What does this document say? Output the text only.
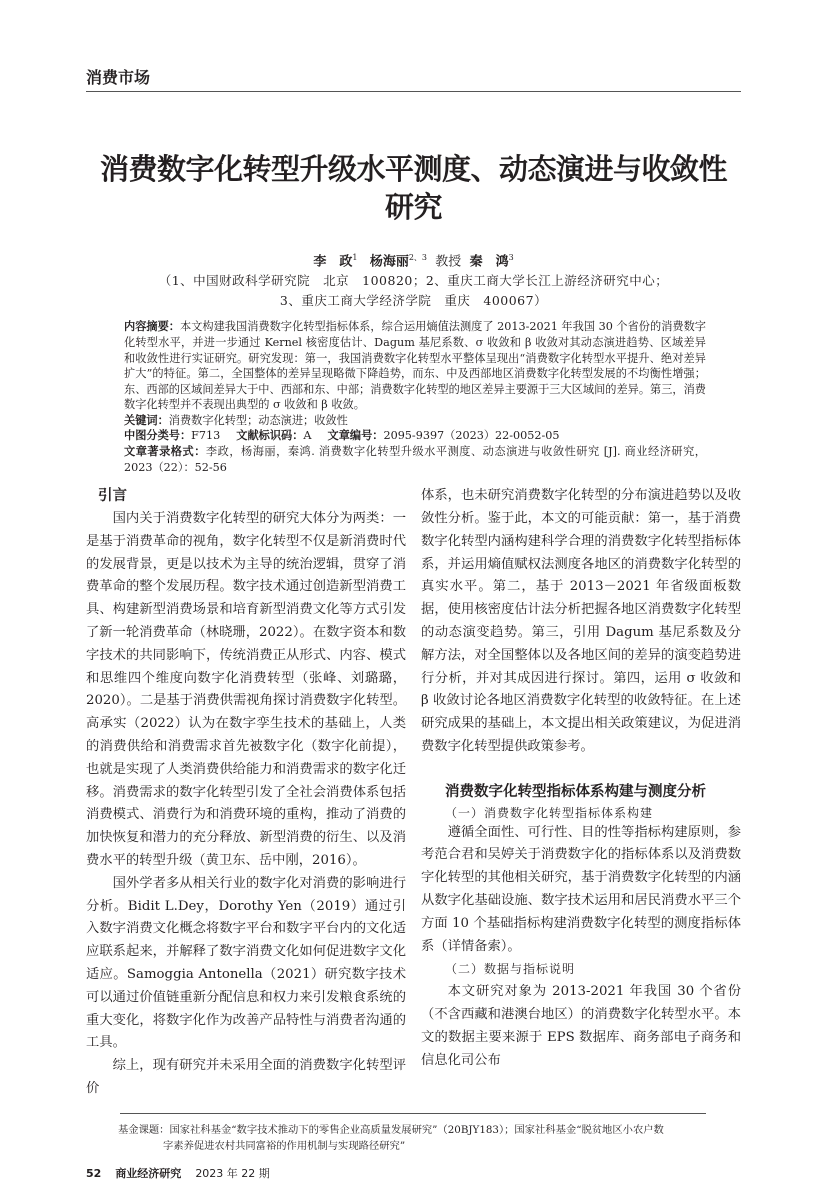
消费市场
消费数字化转型升级水平测度、动态演进与收敛性研究
李　政$^1$ 杨海丽$^{2、3}$ 教授 秦　鸿$^3$
（1、中国财政科学研究院　北京　100820；2、重庆工商大学长江上游经济研究中心；
3、重庆工商大学经济学院　重庆　400067）
内容摘要：本文构建我国消费数字化转型指标体系，综合运用熵值法测度了 2013-2021 年我国 30 个省份的消费数字化转型水平，并进一步通过 Kernel 核密度估计、Dagum 基尼系数、σ 收敛和 β 收敛对其动态演进趋势、区域差异和收敛性进行实证研究。研究发现：第一，我国消费数字化转型水平整体呈现出“消费数字化转型水平提升、绝对差异扩大”的特征。第二，全国整体的差异呈现略微下降趋势，而东、中及西部地区消费数字化转型发展的不均衡性增强；东、西部的区域间差异大于中、西部和东、中部；消费数字化转型的地区差异主要源于三大区域间的差异。第三，消费数字化转型并不表现出典型的 σ 收敛和 β 收敛。
关键词：消费数字化转型；动态演进；收敛性
中图分类号：F713 文献标识码：A 文章编号：2095-9397（2023）22-0052-05
文章著录格式：李政，杨海丽，秦鸿. 消费数字化转型升级水平测度、动态演进与收敛性研究 [J]. 商业经济研究，2023（22）：52-56
引言

国内关于消费数字化转型的研究大体分为两类：一是基于消费革命的视角，数字化转型不仅是新消费时代的发展背景，更是以技术为主导的统治逻辑，贯穿了消费革命的整个发展历程。数字技术通过创造新型消费工具、构建新型消费场景和培育新型消费文化等方式引发了新一轮消费革命（林晓珊，2022）。在数字资本和数字技术的共同影响下，传统消费正从形式、内容、模式和思维四个维度向数字化消费转型（张峰、刘璐璐，2020）。二是基于消费供需视角探讨消费数字化转型。高承实（2022）认为在数字孪生技术的基础上，人类的消费供给和消费需求首先被数字化（数字化前提），也就是实现了人类消费供给能力和消费需求的数字化迁移。消费需求的数字化转型引发了全社会消费体系包括消费模式、消费行为和消费环境的重构，推动了消费的加快恢复和潜力的充分释放、新型消费的衍生、以及消费水平的转型升级（黄卫东、岳中刚，2016）。

国外学者多从相关行业的数字化对消费的影响进行分析。Bidit L.Dey，Dorothy Yen（2019）通过引入数字消费文化概念将数字平台和数字平台内的文化适应联系起来，并解释了数字消费文化如何促进数字文化适应。Samoggia Antonella（2021）研究数字技术可以通过价值链重新分配信息和权力来引发粮食系统的重大变化，将数字化作为改善产品特性与消费者沟通的工具。

综上，现有研究并未采用全面的消费数字化转型评价

体系，也未研究消费数字化转型的分布演进趋势以及收敛性分析。鉴于此，本文的可能贡献：第一，基于消费数字化转型内涵构建科学合理的消费数字化转型指标体系，并运用熵值赋权法测度各地区的消费数字化转型的真实水平。第二，基于 2013－2021 年省级面板数据，使用核密度估计法分析把握各地区消费数字化转型的动态演变趋势。第三，引用 Dagum 基尼系数及分解方法，对全国整体以及各地区间的差异的演变趋势进行分析，并对其成因进行探讨。第四，运用 σ 收敛和 β 收敛讨论各地区消费数字化转型的收敛特征。在上述研究成果的基础上，本文提出相关政策建议，为促进消费数字化转型提供政策参考。

消费数字化转型指标体系构建与测度分析
（一）消费数字化转型指标体系构建

遵循全面性、可行性、目的性等指标构建原则，参考范合君和吴婷关于消费数字化的指标体系以及消费数字化转型的其他相关研究，基于消费数字化转型的内涵从数字化基础设施、数字技术运用和居民消费水平三个方面 10 个基础指标构建消费数字化转型的测度指标体系（详情备索）。

（二）数据与指标说明

本文研究对象为 2013-2021 年我国 30 个省份（不含西藏和港澳台地区）的消费数字化转型水平。本文的数据主要来源于 EPS 数据库、商务部电子商务和信息化司公布

基金课题：国家社科基金“数字技术推动下的零售企业高质量发展研究”（20BJY183）；国家社科基金“脱贫地区小农户数
字素养促进农村共同富裕的作用机制与实现路径研究”
52 商业经济研究 2023 年 22 期
